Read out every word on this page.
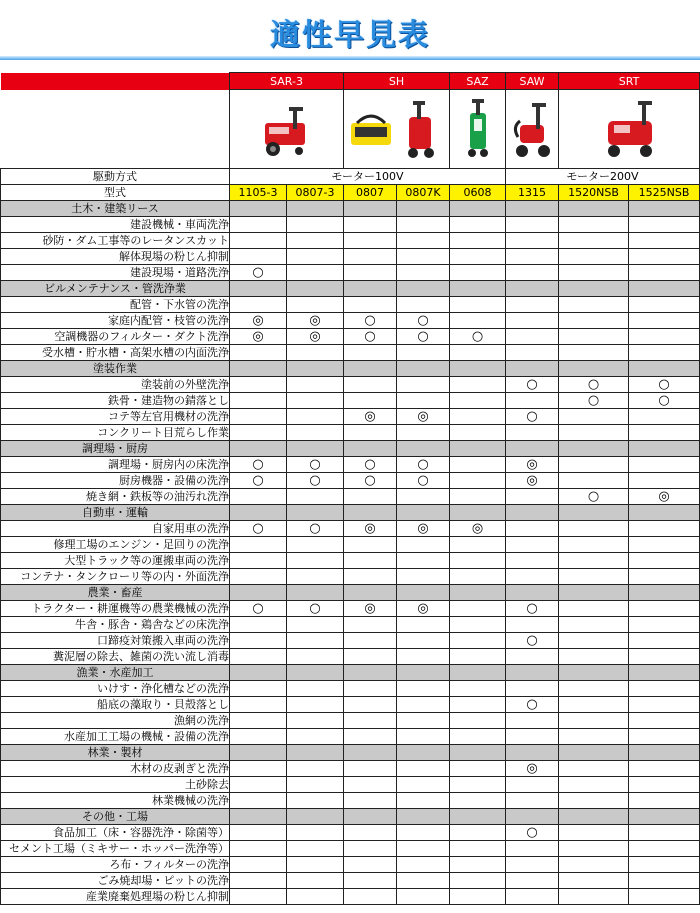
適性早見表
	SAR-3		SH		SAZ	SAW	SRT	

駆動方式	モーター100V					モーター200V		
型式	1105-3	0807-3	0807	0807K	0608	1315	1520NSB	1525NSB
土木・建築リース								
建設機械・車両洗浄								
砂防・ダム工事等のレータンスカット								
解体現場の粉じん抑制								
建設現場・道路洗浄	○							
ビルメンテナンス・管洗浄業								
配管・下水管の洗浄								
家庭内配管・枝管の洗浄	◎	◎	○	○				
空調機器のフィルター・ダクト洗浄	◎	◎	○	○	○			
受水槽・貯水槽・高架水槽の内面洗浄								
塗装作業								
塗装前の外壁洗浄						○	○	○
鉄骨・建造物の錆落とし							○	○
コテ等左官用機材の洗浄			◎	◎		○		
コンクリート目荒らし作業								
調理場・厨房								
調理場・厨房内の床洗浄	○	○	○	○		◎		
厨房機器・設備の洗浄	○	○	○	○		◎		
焼き網・鉄板等の油汚れ洗浄							○	◎
自動車・運輸								
自家用車の洗浄	○	○	◎	◎	◎			
修理工場のエンジン・足回りの洗浄								
大型トラック等の運搬車両の洗浄								
コンテナ・タンクローリ等の内・外面洗浄								
農業・畜産								
トラクター・耕運機等の農業機械の洗浄	○	○	◎	◎		○		
牛舎・豚舎・鶏舎などの床洗浄								
口蹄疫対策搬入車両の洗浄						○		
糞泥層の除去、雑菌の洗い流し消毒								
漁業・水産加工								
いけす・浄化槽などの洗浄								
船底の藻取り・貝殻落とし						○		
漁網の洗浄								
水産加工工場の機械・設備の洗浄								
林業・製材								
木材の皮剥ぎと洗浄						◎		
土砂除去								
林業機械の洗浄								
その他・工場								
食品加工（床・容器洗浄・除菌等）						○		
セメント工場（ミキサー・ホッパー洗浄等）								
ろ布・フィルターの洗浄								
ごみ焼却場・ピットの洗浄								
産業廃棄処理場の粉じん抑制								
